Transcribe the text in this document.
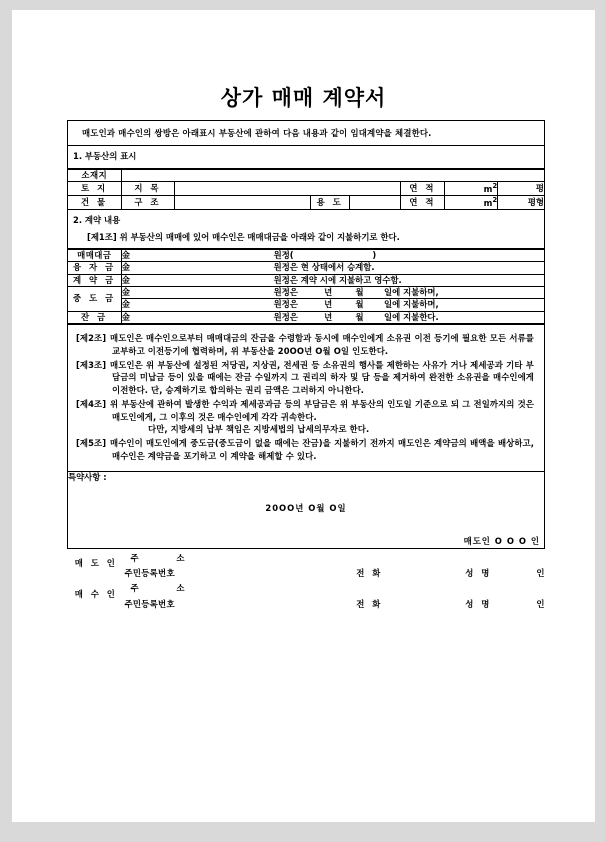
상가 매매 계약서
매도인과 매수인의 쌍방은 아래표시 부동산에 관하여 다음 내용과 같이 임대계약을 체결한다.

1. 부동산의 표시
소재지	
토 지	지 목		연 적	$m^2$	평
건 물	구 조		용 도		연 적	$m^2$	평형
2. 계약 내용
[제1조] 위 부동산의 매매에 있어 매수인은 매매대금을 아래와 같이 지불하기로 한다.
매매대금	金	원정(                           )

융 자 금	金	원정은 현 상태에서 승계함.

계 약 금	金	원정은 계약 시에 지불하고 영수함.

중 도 금	金	원정은         년        월       일에 지불하며,

金	원정은         년        월       일에 지불하며,

잔 금	金	원정은         년        월       일에 지불한다.
[제2조] 매도인은 매수인으로부터 매매대금의 잔금을 수령함과 동시에 매수인에게 소유권 이전 등기에 필요한 모든 서류를 교부하고 이전등기에 협력하며, 위 부동산을 20OO년 O월 O일 인도한다.
[제3조] 매도인은 위 부동산에 설정된 저당권, 지상권, 전세권 등 소유권의 행사를 제한하는 사유가 거나 제세공과 기타 부담금의 미납금 등이 있을 때에는 잔금 수일까지 그 권리의 하자 및 담 등을 제거하여 완전한 소유권을 매수인에게 이전한다. 단, 승계하기로 합의하는 권리 금액은 그러하지 아니한다.
[제4조] 위 부동산에 관하여 발생한 수익과 제세공과금 등의 부담금은 위 부동산의 인도일 기준으로 되 그 전일까지의 것은 매도인에게, 그 이후의 것은 매수인에게 각각 귀속한다.
다만, 지방세의 납부 책임은 지방세법의 납세의무자로 한다.
[제5조] 매수인이 매도인에게 중도금(중도금이 없을 때에는 잔금)을 지불하기 전까지 매도인은 계약금의 배액을 배상하고, 매수인은 계약금을 포기하고 이 계약을 해제할 수 있다.

특약사항 :
20OO년 O월 O일
매도인 O O O 인

매 도 인	주 소	
주민등록번호		전 화		성 명	인
매 수 인	주 소	
주민등록번호		전 화		성 명	인
